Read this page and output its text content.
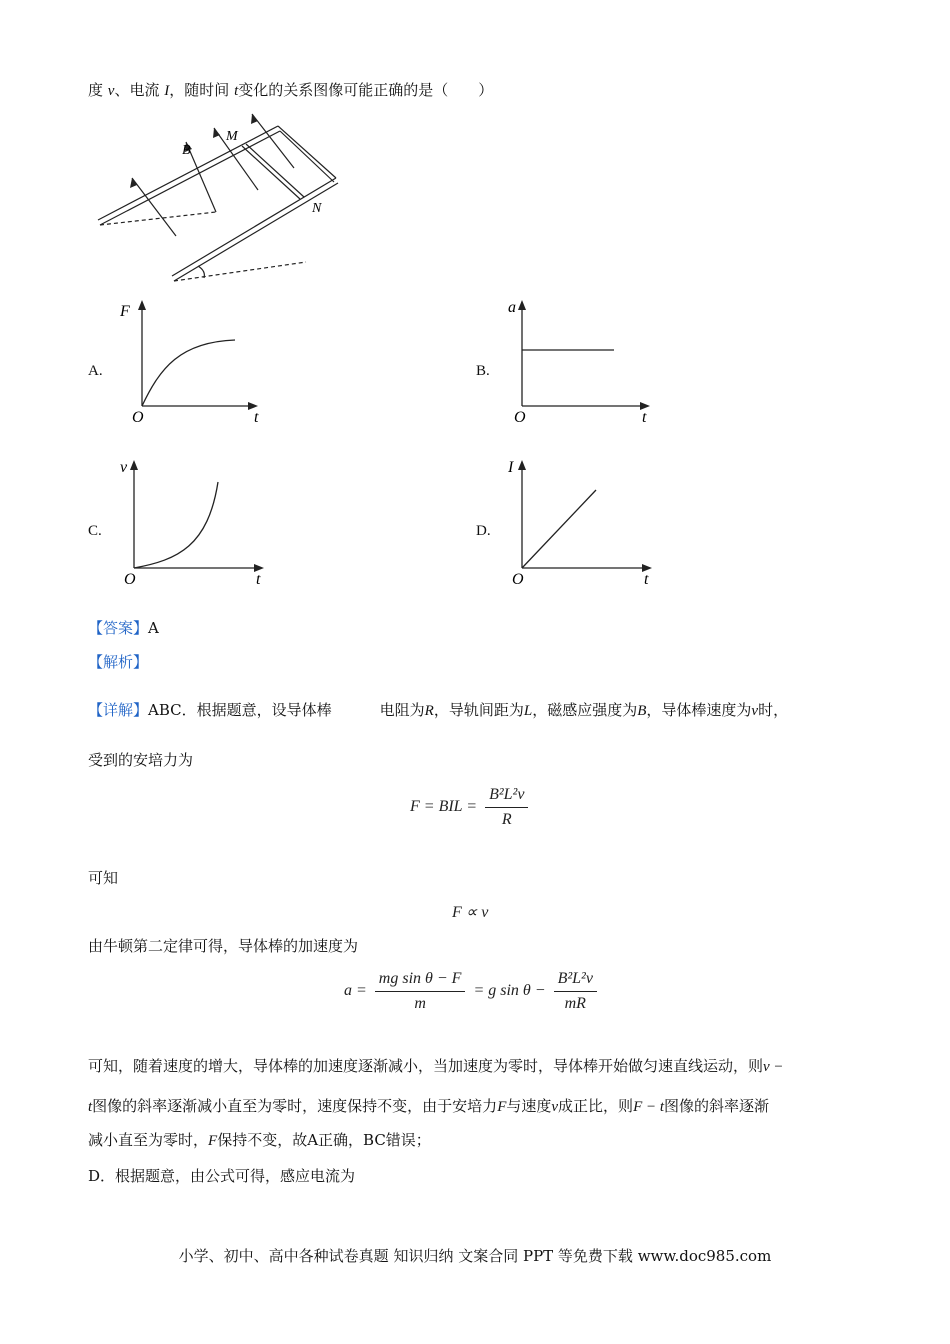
度 v、电流 I，随时间 t变化的关系图像可能正确的是（　　）
B
M
N
A.
F
O	t
B.
a
O	t
C.
v
O	t
D.
I
O	t
【答案】A
【解析】
【详解】ABC．根据题意，设导体棒	电阻为R，导轨间距为L，磁感应强度为B，导体棒速度为v时，
受到的安培力为
F = BIL = $\frac{\text{B²L²v}}{R}$
可知
F ∝ v
由牛顿第二定律可得，导体棒的加速度为
$a = \frac{\text{mg sin θ − F}}{m} = g$ $\sin \theta - \frac{\text{B²L²v}}{mR}$
可知，随着速度的增大，导体棒的加速度逐渐减小，当加速度为零时，导体棒开始做匀速直线运动，则v −
t图像的斜率逐渐减小直至为零时，速度保持不变，由于安培力F与速度v成正比，则F − t图像的斜率逐渐
减小直至为零时，F保持不变，故A正确，BC错误；
D．根据题意，由公式可得，感应电流为
小学、初中、高中各种试卷真题 知识归纳 文案合同 PPT 等免费下载 www.doc985.com
